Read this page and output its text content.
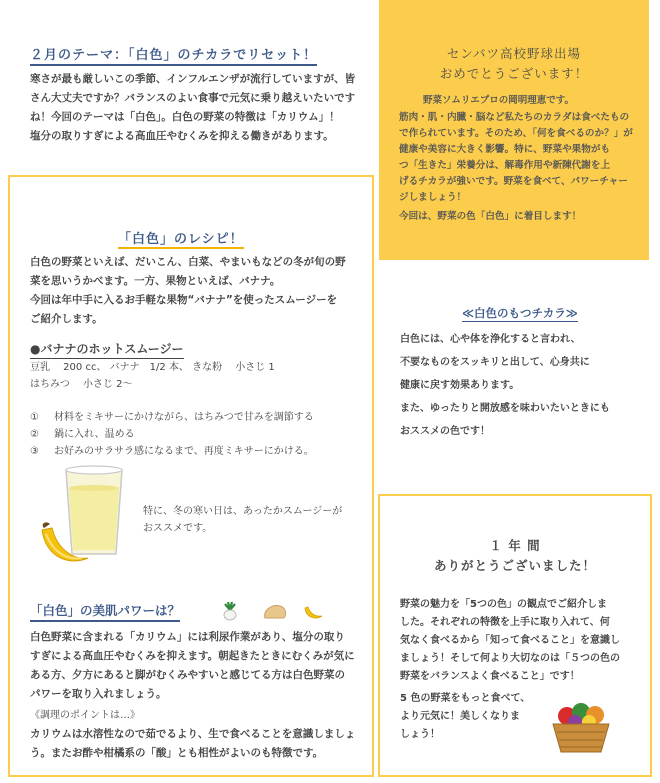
２月のテーマ：「白色」のチカラでリセット！
寒さが最も厳しいこの季節、インフルエンザが流行していますが、皆
さん大丈夫ですか？バランスのよい食事で元気に乗り越えいたいです
ね！今回のテーマは「白色」。白色の野菜の特徴は「カリウム」！
塩分の取りすぎによる高血圧やむくみを抑える働きがあります。
センバツ高校野球出場
おめでとうございます！
野菜ソムリエプロの岡明理恵です。
筋肉・肌・内臓・脳など私たちのカラダは食べたもの
で作られています。そのため、「何を食べるのか？」が
健康や美容に大きく影響。特に、野菜や果物がも
つ「生きた」栄養分は、解毒作用や新陳代謝を上
げるチカラが強いです。野菜を食べて、パワーチャー
ジしましょう！
今回は、野菜の色「白色」に着目します！
「白色」のレシピ！
白色の野菜といえば、だいこん、白菜、やまいもなどの冬が旬の野
菜を思いうかべます。一方、果物といえば、バナナ。
今回は年中手に入るお手軽な果物“バナナ”を使ったスムージーを
ご紹介します。
●バナナのホットスムージー
豆乳　 200 cc、 バナナ　1/2 本、 きな粉　 小さじ 1
はちみつ　 小さじ 2～
①	材料をミキサーにかけながら、はちみつで甘みを調節する
②	鍋に入れ、温める
③	お好みのサラサラ感になるまで、再度ミキサーにかける。
特に、冬の寒い日は、あったかスムージーが
おススメです。
「白色」の美肌パワーは？
白色野菜に含まれる「カリウム」には利尿作業があり、塩分の取り
すぎによる高血圧やむくみを抑えます。朝起きたときにむくみが気に
ある方、夕方にあると脚がむくみやすいと感じてる方は白色野菜の
パワーを取り入れましょう。
《調理のポイントは…》
カリウムは水溶性なので茹でるより、生で食べることを意識しましょ
う。またお酢や柑橘系の「酸」とも相性がよいのも特徴です。
≪白色のもつチカラ≫
白色には、心や体を浄化すると言われ、
不要なものをスッキリと出して、心身共に
健康に戻す効果あります。
また、ゆったりと開放感を味わいたいときにも
おススメの色です！
１ 年 間
ありがとうございました！
野菜の魅力を「5つの色」の観点でご紹介しま
した。それぞれの特徴を上手に取り入れて、何
気なく食べるから「知って食べること」を意識し
ましょう！そして何より大切なのは「５つの色の
野菜をバランスよく食べること」です！
5 色の野菜をもっと食べて、
より元気に！美しくなりま
しょう！
